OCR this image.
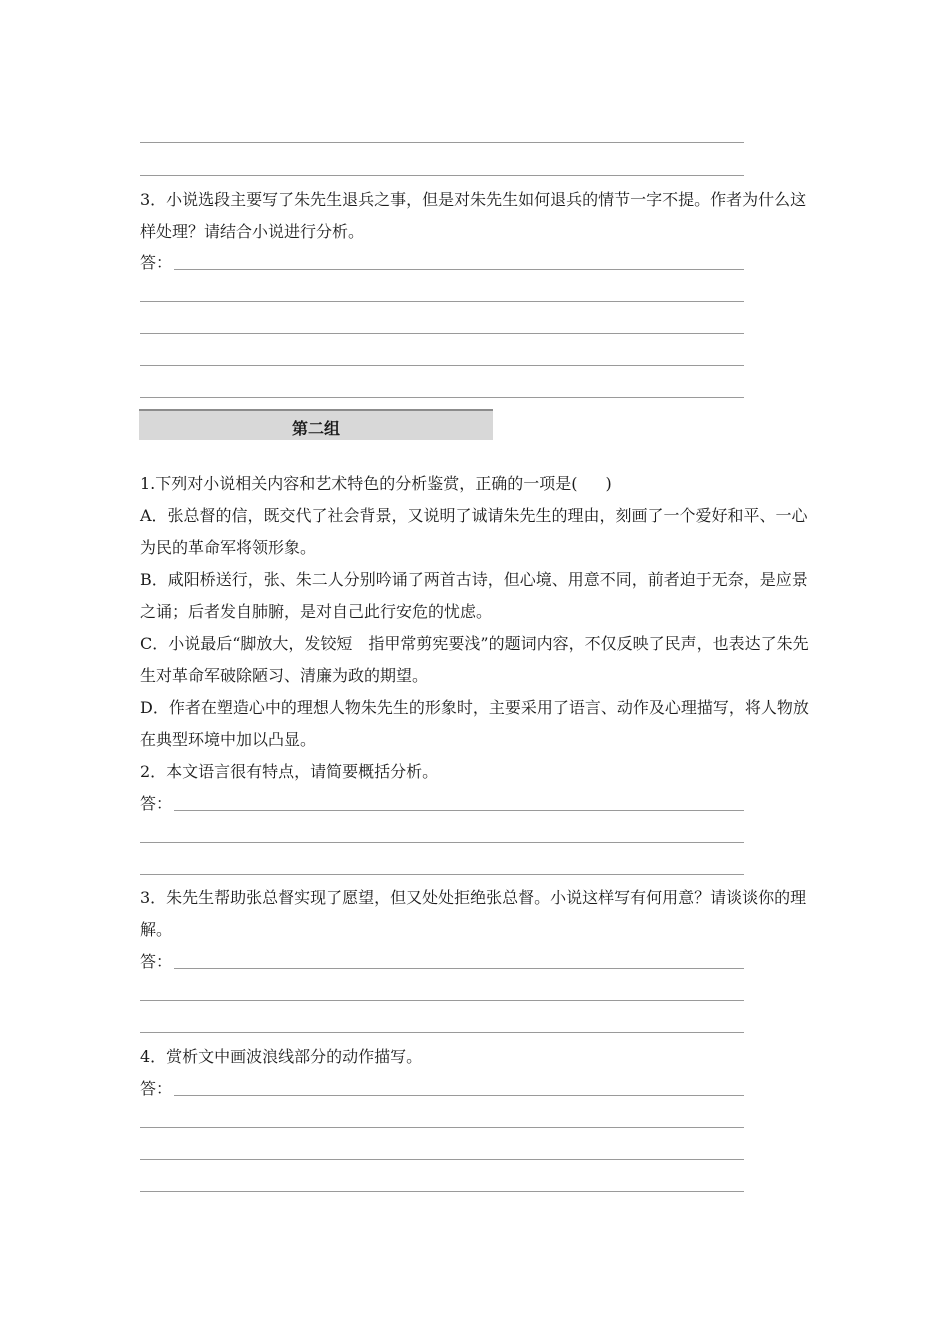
3．小说选段主要写了朱先生退兵之事，但是对朱先生如何退兵的情节一字不提。作者为什么这样处理？请结合小说进行分析。

答：

第二组

1.下列对小说相关内容和艺术特色的分析鉴赏，正确的一项是( )

A．张总督的信，既交代了社会背景，又说明了诚请朱先生的理由，刻画了一个爱好和平、一心为民的革命军将领形象。

B．咸阳桥送行，张、朱二人分别吟诵了两首古诗，但心境、用意不同，前者迫于无奈，是应景之诵；后者发自肺腑，是对自己此行安危的忧虑。

C．小说最后“脚放大，发铰短　指甲常剪宪要浅”的题词内容，不仅反映了民声，也表达了朱先生对革命军破除陋习、清廉为政的期望。

D．作者在塑造心中的理想人物朱先生的形象时，主要采用了语言、动作及心理描写，将人物放在典型环境中加以凸显。

2．本文语言很有特点，请简要概括分析。

答：

3．朱先生帮助张总督实现了愿望，但又处处拒绝张总督。小说这样写有何用意？请谈谈你的理解。

答：

4．赏析文中画波浪线部分的动作描写。

答：
